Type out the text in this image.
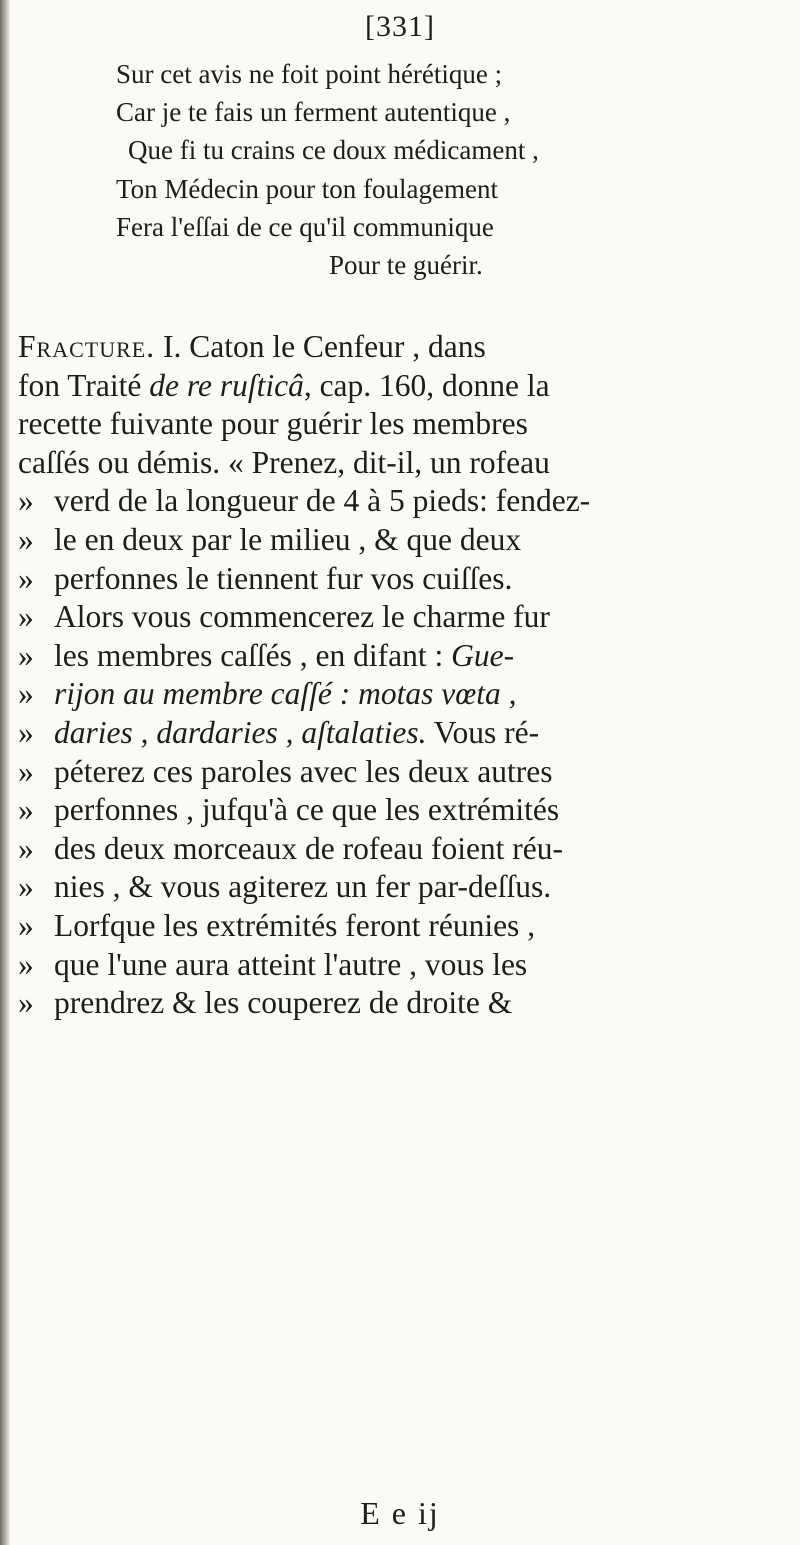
[331]
Sur cet avis ne foit point hérétique ;
Car je te fais un ferment autentique ,
Que fi tu crains ce doux médicament ,
Ton Médecin pour ton foulagement
Fera l'eſſai de ce qu'il communique
Pour te guérir.
Fracture.
I.
Caton le Cenfeur , dans
fon Traité de re ruſticâ , cap. 160, donne la
recette fuivante pour guérir les membres
caſſés ou démis. « Prenez, dit-il, un rofeau
» verd de la longueur de 4 à 5 pieds: fendez-
» le en deux par le milieu , & que deux
» perfonnes le tiennent fur vos cuiſſes.
» Alors vous commencerez le charme fur
» les membres caſſés , en difant : Gue-
» rijon au membre caſſé : motas vœta ,
» daries , dardaries , aſtalaties. Vous ré-
» péterez ces paroles avec les deux autres
» perfonnes , jufqu'à ce que les extrémités
» des deux morceaux de rofeau foient réu-
» nies , & vous agiterez un fer par-deſſus.
» Lorfque les extrémités feront réunies ,
» que l'une aura atteint l'autre , vous les
» prendrez & les couperez de droite &
E e ij
